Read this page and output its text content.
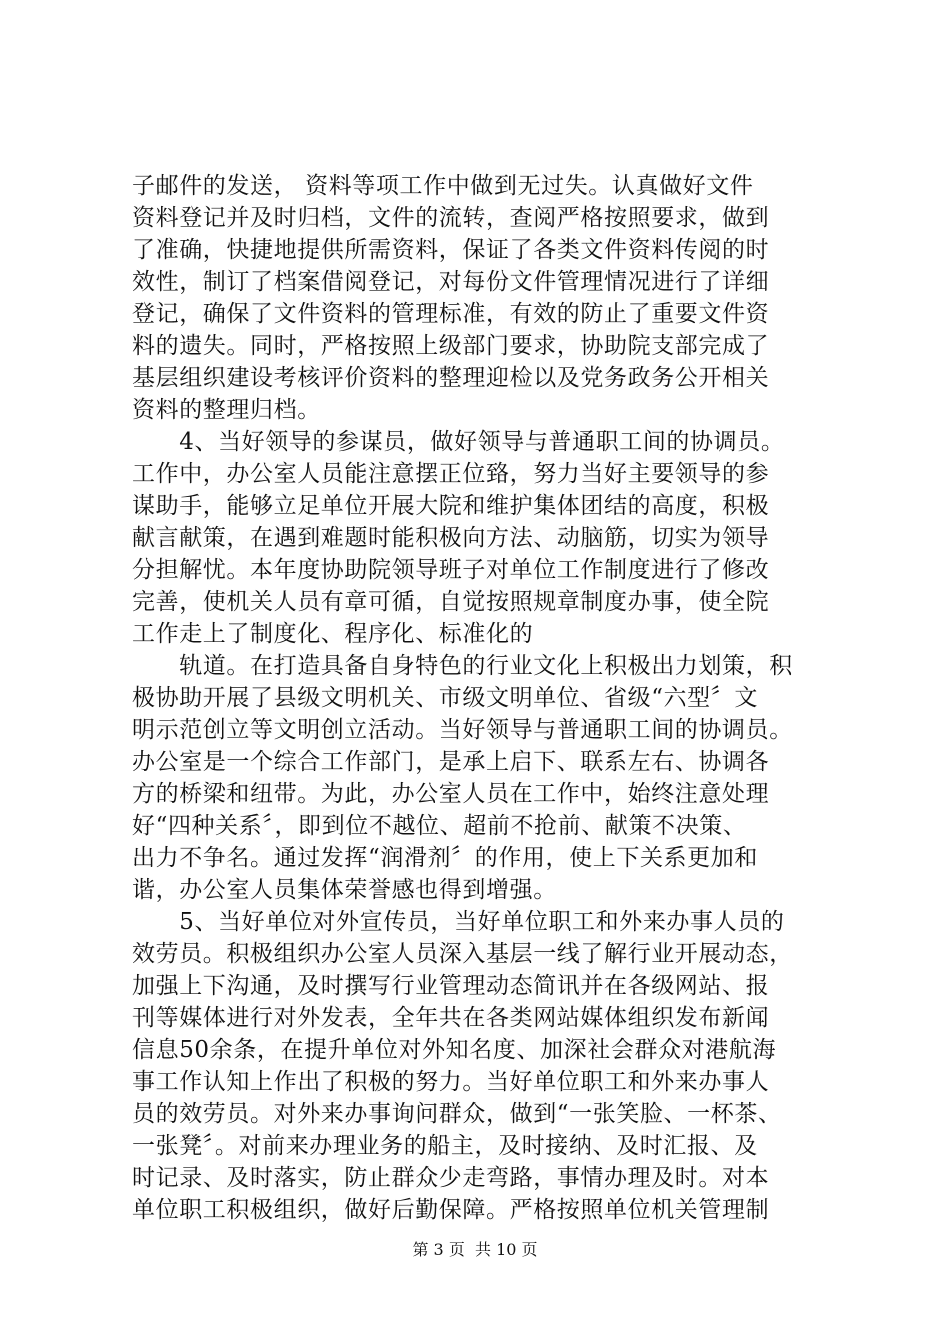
子邮件的发送， 资料等项工作中做到无过失。认真做好文件
资料登记并及时归档，文件的流转，查阅严格按照要求，做到
了准确，快捷地提供所需资料，保证了各类文件资料传阅的时
效性，制订了档案借阅登记，对每份文件管理情况进行了详细
登记，确保了文件资料的管理标准，有效的防止了重要文件资
料的遗失。同时，严格按照上级部门要求，协助院支部完成了
基层组织建设考核评价资料的整理迎检以及党务政务公开相关
资料的整理归档。
　　4、当好领导的参谋员，做好领导与普通职工间的协调员。
工作中，办公室人员能注意摆正位臵，努力当好主要领导的参
谋助手，能够立足单位开展大院和维护集体团结的高度，积极
献言献策，在遇到难题时能积极向方法、动脑筋，切实为领导
分担解忧。本年度协助院领导班子对单位工作制度进行了修改
完善，使机关人员有章可循，自觉按照规章制度办事，使全院
工作走上了制度化、程序化、标准化的
　　轨道。在打造具备自身特色的行业文化上积极出力划策，积
极协助开展了县级文明机关、市级文明单位、省级“六型〞文
明示范创立等文明创立活动。当好领导与普通职工间的协调员。
办公室是一个综合工作部门，是承上启下、联系左右、协调各
方的桥梁和纽带。为此，办公室人员在工作中，始终注意处理
好“四种关系〞，即到位不越位、超前不抢前、献策不决策、
出力不争名。通过发挥“润滑剂〞的作用，使上下关系更加和
谐，办公室人员集体荣誉感也得到增强。
　　5、当好单位对外宣传员，当好单位职工和外来办事人员的
效劳员。积极组织办公室人员深入基层一线了解行业开展动态，
加强上下沟通，及时撰写行业管理动态简讯并在各级网站、报
刊等媒体进行对外发表，全年共在各类网站媒体组织发布新闻
信息50余条，在提升单位对外知名度、加深社会群众对港航海
事工作认知上作出了积极的努力。当好单位职工和外来办事人
员的效劳员。对外来办事询问群众，做到“一张笑脸、一杯茶、
一张凳〞。对前来办理业务的船主，及时接纳、及时汇报、及
时记录、及时落实，防止群众少走弯路，事情办理及时。对本
单位职工积极组织，做好后勤保障。严格按照单位机关管理制
第 3 页  共 10 页
